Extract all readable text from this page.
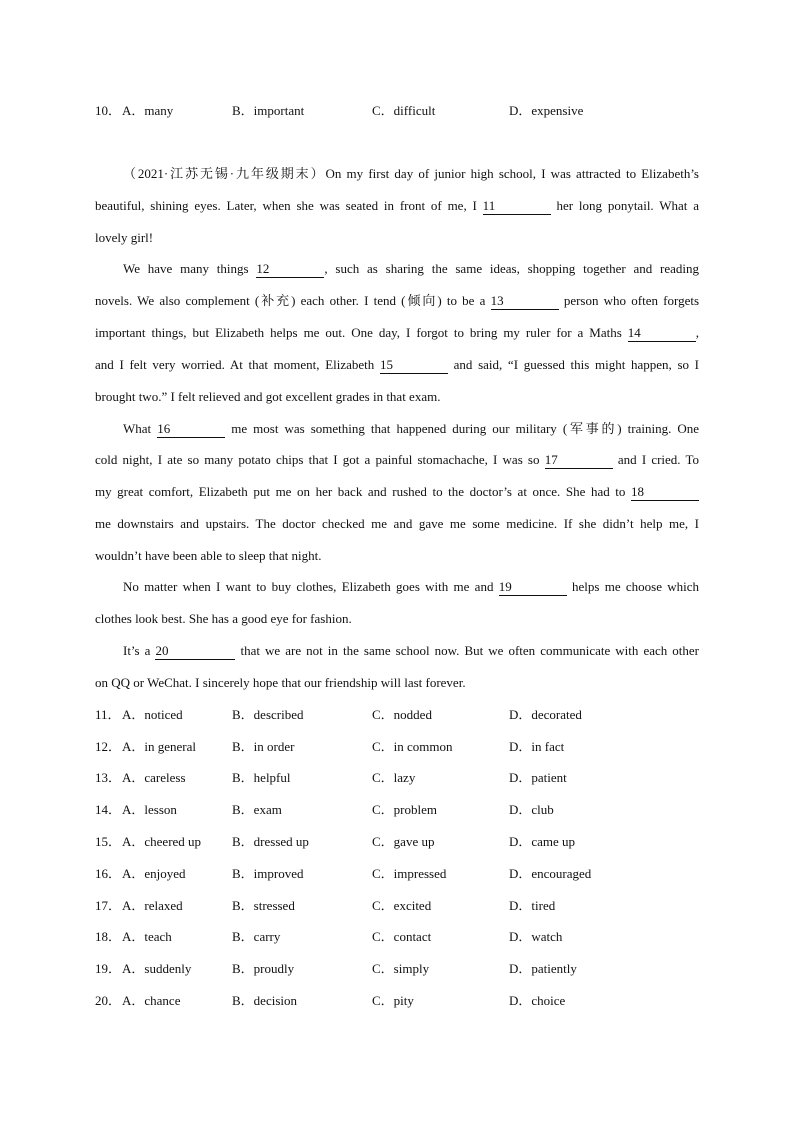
10． A．many	B．important	C．difficult	D．expensive
（2021·江苏无锡·九年级期末）On my first day of junior high school, I was attracted to Elizabeth’s
beautiful, shining eyes. Later, when she was seated in front of me, I 11	her long ponytail. What a
lovely girl!
We have many things 12	, such as sharing the same ideas, shopping together and reading
novels. We also complement (补充) each other. I tend (倾向) to be a 13	person who often forgets
important things, but Elizabeth helps me out. One day, I forgot to bring my ruler for a Maths 14	,
and I felt very worried. At that moment, Elizabeth 15	and said, “I guessed this might happen, so I
brought two.” I felt relieved and got excellent grades in that exam.
What 16	me most was something that happened during our military (军事的) training. One
cold night, I ate so many potato chips that I got a painful stomachache, I was so 17	and I cried. To
my great comfort, Elizabeth put me on her back and rushed to the doctor’s at once. She had to 18
me downstairs and upstairs. The doctor checked me and gave me some medicine. If she didn’t help me, I
wouldn’t have been able to sleep that night.
No matter when I want to buy clothes, Elizabeth goes with me and 19	helps me choose which
clothes look best. She has a good eye for fashion.
It’s a 20	that we are not in the same school now. But we often communicate with each other
on QQ or WeChat. I sincerely hope that our friendship will last forever.
11． A．noticed	B．described	C．nodded	D．decorated
12． A．in general	B．in order	C．in common	D．in fact
13． A．careless	B．helpful	C．lazy	D．patient
14． A．lesson	B．exam	C．problem	D．club
15． A．cheered up B．dressed up	C．gave up	D．came up
16． A．enjoyed	B．improved	C．impressed	D．encouraged
17． A．relaxed	B．stressed	C．excited	D．tired
18． A．teach	B．carry	C．contact	D．watch
19． A．suddenly	B．proudly	C．simply	D．patiently
20． A．chance	B．decision	C．pity	D．choice
